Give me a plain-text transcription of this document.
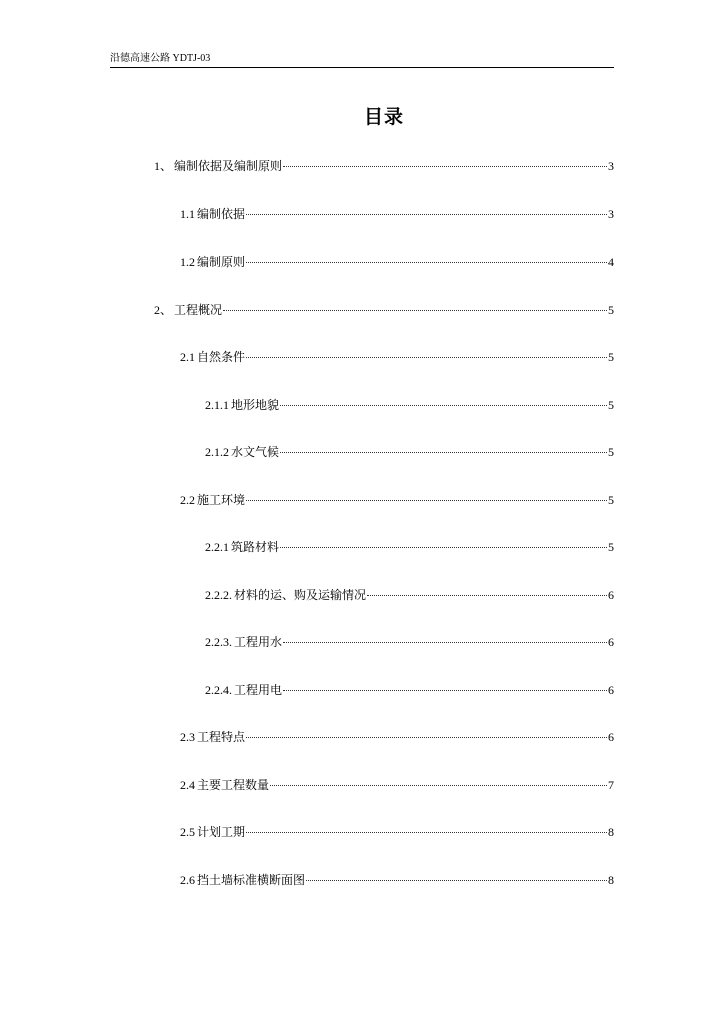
沿德高速公路 YDTJ-03
目录
1、 编制依据及编制原则	3
1.1 编制依据	3
1.2 编制原则	4
2、 工程概况	5
2.1 自然条件	5
2.1.1 地形地貌	5
2.1.2 水文气候	5
2.2 施工环境	5
2.2.1 筑路材料	5
2.2.2. 材料的运、购及运输情况	6
2.2.3. 工程用水	6
2.2.4. 工程用电	6
2.3 工程特点	6
2.4 主要工程数量	7
2.5 计划工期	8
2.6 挡土墙标准横断面图	8
